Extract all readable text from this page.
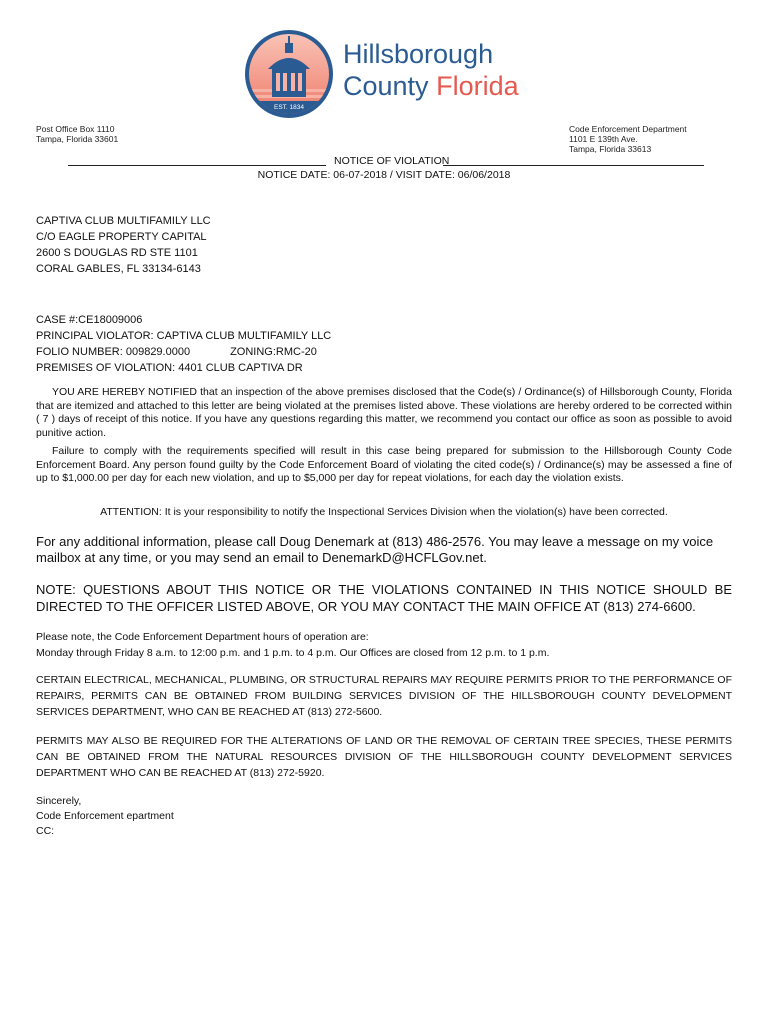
EST. 1834
Hillsborough
County Florida
Post Office Box 1110
Tampa, Florida 33601
Code Enforcement Department
1101 E 139th Ave.
Tampa, Florida 33613
NOTICE OF VIOLATION
NOTICE DATE: 06-07-2018 / VISIT DATE: 06/06/2018
CAPTIVA CLUB MULTIFAMILY LLC
C/O EAGLE PROPERTY CAPITAL
2600 S DOUGLAS RD STE 1101
CORAL GABLES, FL 33134-6143
CASE #:CE18009006
PRINCIPAL VIOLATOR: CAPTIVA CLUB MULTIFAMILY LLC
FOLIO NUMBER: 009829.0000	ZONING:RMC-20
PREMISES OF VIOLATION: 4401 CLUB CAPTIVA DR
YOU ARE HEREBY NOTIFIED that an inspection of the above premises disclosed that the Code(s) / Ordinance(s) of Hillsborough County, Florida that are itemized and attached to this letter are being violated at the premises listed above. These violations are hereby ordered to be corrected within ( 7 ) days of receipt of this notice. If you have any questions regarding this matter, we recommend you contact our office as soon as possible to avoid punitive action.
Failure to comply with the requirements specified will result in this case being prepared for submission to the Hillsborough County Code Enforcement Board. Any person found guilty by the Code Enforcement Board of violating the cited code(s) / Ordinance(s) may be assessed a fine of up to $1,000.00 per day for each new violation, and up to $5,000 per day for repeat violations, for each day the violation exists.
ATTENTION: It is your responsibility to notify the Inspectional Services Division when the violation(s) have been corrected.
For any additional information, please call Doug Denemark at (813) 486-2576. You may leave a message on my voice mailbox at any time, or you may send an email to DenemarkD@HCFLGov.net.
NOTE: QUESTIONS ABOUT THIS NOTICE OR THE VIOLATIONS CONTAINED IN THIS NOTICE SHOULD BE DIRECTED TO THE OFFICER LISTED ABOVE, OR YOU MAY CONTACT THE MAIN OFFICE AT (813) 274-6600.
Please note, the Code Enforcement Department hours of operation are:
Monday through Friday 8 a.m. to 12:00 p.m. and 1 p.m. to 4 p.m. Our Offices are closed from 12 p.m. to 1 p.m.
CERTAIN ELECTRICAL, MECHANICAL, PLUMBING, OR STRUCTURAL REPAIRS MAY REQUIRE PERMITS PRIOR TO THE PERFORMANCE OF REPAIRS, PERMITS CAN BE OBTAINED FROM BUILDING SERVICES DIVISION OF THE HILLSBOROUGH COUNTY DEVELOPMENT SERVICES DEPARTMENT, WHO CAN BE REACHED AT (813) 272-5600.
PERMITS MAY ALSO BE REQUIRED FOR THE ALTERATIONS OF LAND OR THE REMOVAL OF CERTAIN TREE SPECIES, THESE PERMITS CAN BE OBTAINED FROM THE NATURAL RESOURCES DIVISION OF THE HILLSBOROUGH COUNTY DEVELOPMENT SERVICES DEPARTMENT WHO CAN BE REACHED AT (813) 272-5920.
Sincerely,
Code Enforcement epartment
CC:
